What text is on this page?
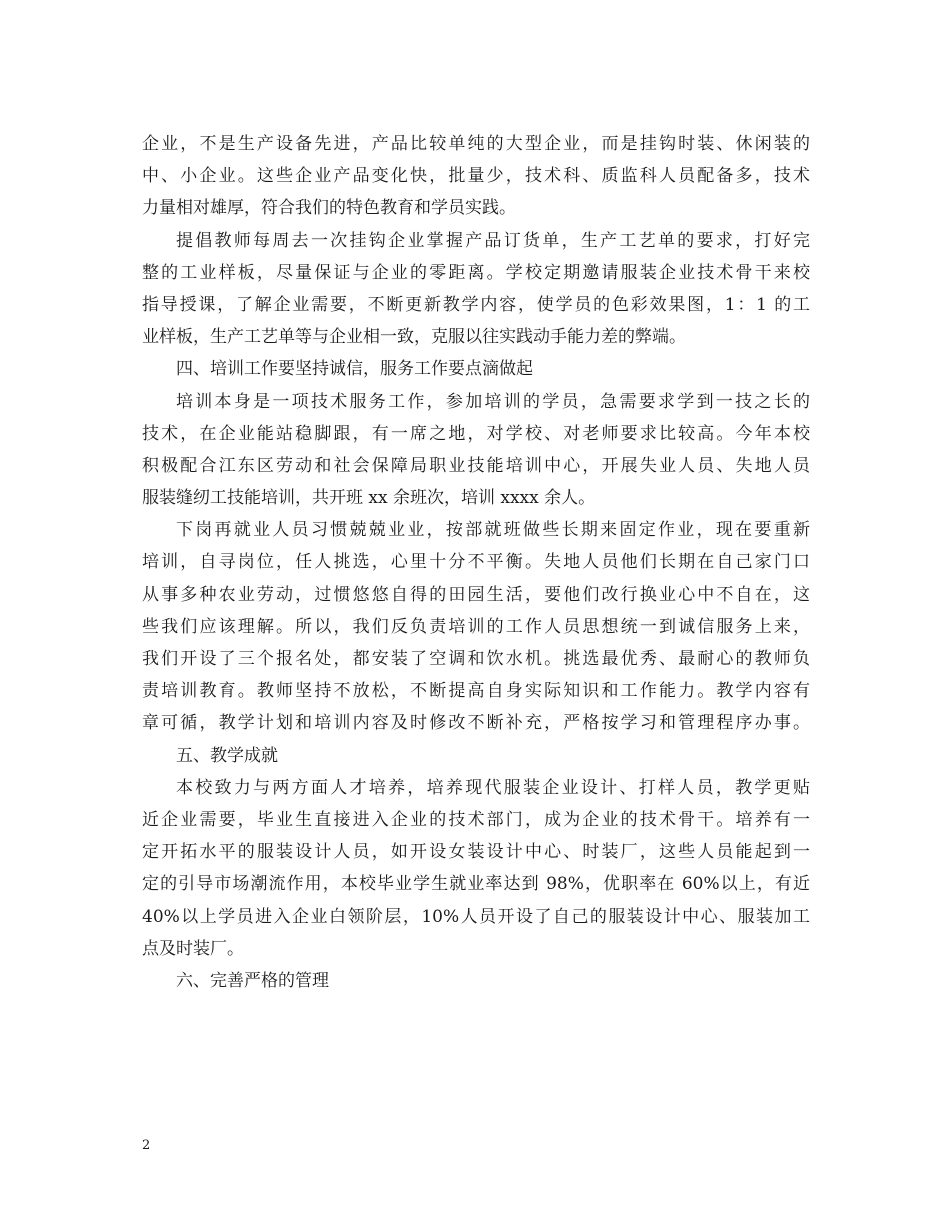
企业，不是生产设备先进，产品比较单纯的大型企业，而是挂钩时装、休闲装的
中、小企业。这些企业产品变化快，批量少，技术科、质监科人员配备多，技术
力量相对雄厚，符合我们的特色教育和学员实践。
提倡教师每周去一次挂钩企业掌握产品订货单，生产工艺单的要求，打好完
整的工业样板，尽量保证与企业的零距离。学校定期邀请服装企业技术骨干来校
指导授课，了解企业需要，不断更新教学内容，使学员的色彩效果图，1：1 的工
业样板，生产工艺单等与企业相一致，克服以往实践动手能力差的弊端。
四、培训工作要坚持诚信，服务工作要点滴做起
培训本身是一项技术服务工作，参加培训的学员，急需要求学到一技之长的
技术，在企业能站稳脚跟，有一席之地，对学校、对老师要求比较高。今年本校
积极配合江东区劳动和社会保障局职业技能培训中心，开展失业人员、失地人员
服装缝纫工技能培训，共开班 xx 余班次，培训 xxxx 余人。
下岗再就业人员习惯兢兢业业，按部就班做些长期来固定作业，现在要重新
培训，自寻岗位，任人挑选，心里十分不平衡。失地人员他们长期在自己家门口
从事多种农业劳动，过惯悠悠自得的田园生活，要他们改行换业心中不自在，这
些我们应该理解。所以，我们反负责培训的工作人员思想统一到诚信服务上来，
我们开设了三个报名处，都安装了空调和饮水机。挑选最优秀、最耐心的教师负
责培训教育。教师坚持不放松，不断提高自身实际知识和工作能力。教学内容有
章可循，教学计划和培训内容及时修改不断补充，严格按学习和管理程序办事。
五、教学成就
本校致力与两方面人才培养，培养现代服装企业设计、打样人员，教学更贴
近企业需要，毕业生直接进入企业的技术部门，成为企业的技术骨干。培养有一
定开拓水平的服装设计人员，如开设女装设计中心、时装厂，这些人员能起到一
定的引导市场潮流作用，本校毕业学生就业率达到 98%，优职率在 60%以上，有近
40%以上学员进入企业白领阶层，10%人员开设了自己的服装设计中心、服装加工
点及时装厂。
六、完善严格的管理
2
